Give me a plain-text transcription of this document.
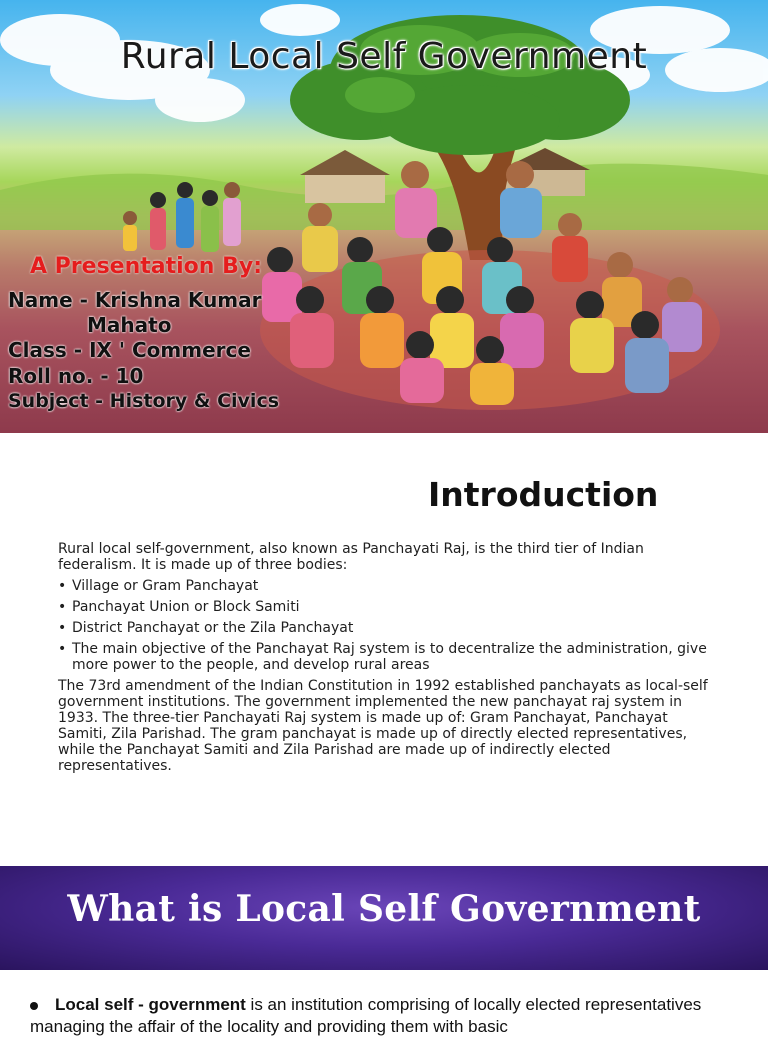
Rural Local Self Government
A Presentation By:
Name - Krishna Kumar
Mahato
Class - IX ' Commerce
Roll no. - 10
Subject - History & Civics
Introduction

Rural local self-government, also known as Panchayati Raj, is the third tier of Indian federalism. It is made up of three bodies:

• Village or Gram Panchayat
• Panchayat Union or Block Samiti
• District Panchayat or the Zila Panchayat
• The main objective of the Panchayat Raj system is to decentralize the administration, give more power to the people, and develop rural areas

The 73rd amendment of the Indian Constitution in 1992 established panchayats as local-self government institutions. The government implemented the new panchayat raj system in 1933. The three-tier Panchayati Raj system is made up of: Gram Panchayat, Panchayat Samiti, Zila Parishad. The gram panchayat is made up of directly elected representatives, while the Panchayat Samiti and Zila Parishad are made up of indirectly elected representatives.

What is Local Self Government
Local self - government is an institution comprising of locally elected representatives managing the affair of the locality and providing them with basic
